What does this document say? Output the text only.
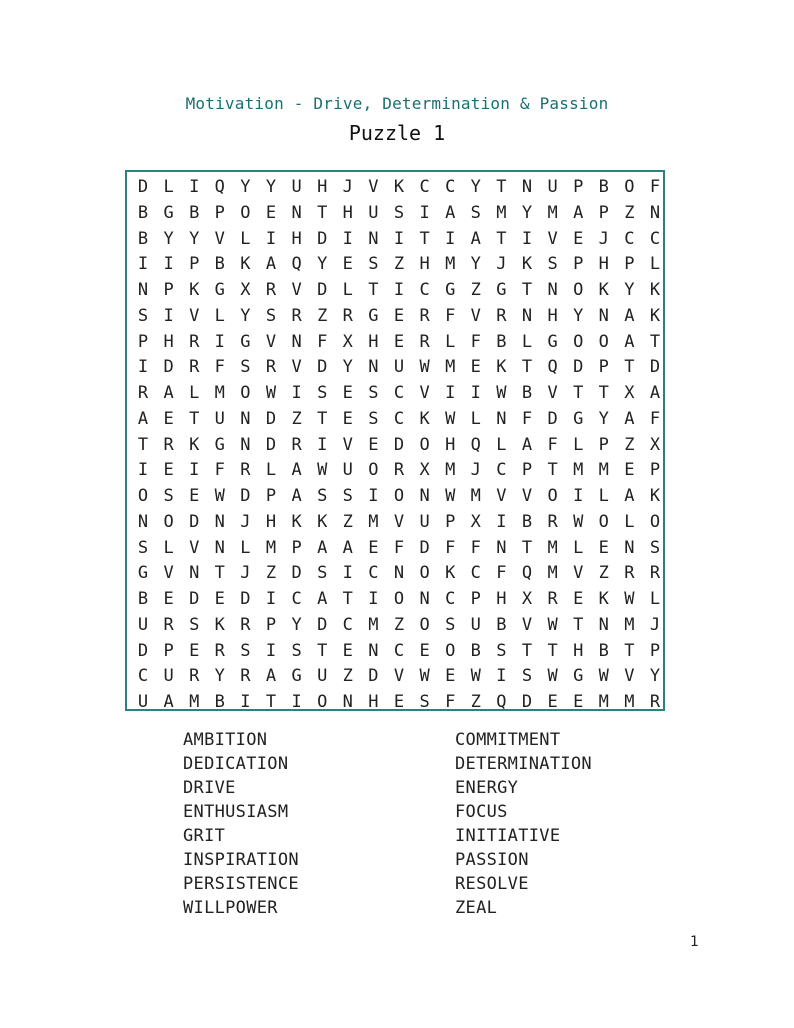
Motivation - Drive, Determination & Passion
Puzzle 1
D L I Q Y Y U H J V K C C Y T N U P B O F
B G B P O E N T H U S I A S M Y M A P Z N
B Y Y V L I H D I N I T I A T I V E J C C
I I P B K A Q Y E S Z H M Y J K S P H P L
N P K G X R V D L T I C G Z G T N O K Y K
S I V L Y S R Z R G E R F V R N H Y N A K
P H R I G V N F X H E R L F B L G O O A T
I D R F S R V D Y N U W M E K T Q D P T D
R A L M O W I S E S C V I I W B V T T X A
A E T U N D Z T E S C K W L N F D G Y A F
T R K G N D R I V E D O H Q L A F L P Z X
I E I F R L A W U O R X M J C P T M M E P
O S E W D P A S S I O N W M V V O I L A K
N O D N J H K K Z M V U P X I B R W O L O
S L V N L M P A A E F D F F N T M L E N S
G V N T J Z D S I C N O K C F Q M V Z R R
B E D E D I C A T I O N C P H X R E K W L
U R S K R P Y D C M Z O S U B V W T N M J
D P E R S I S T E N C E O B S T T H B T P
C U R Y R A G U Z D V W E W I S W G W V Y
U A M B I T I O N H E S F Z Q D E E M M R
AMBITION
DEDICATION
DRIVE
ENTHUSIASM
GRIT
INSPIRATION
PERSISTENCE
WILLPOWER
COMMITMENT
DETERMINATION
ENERGY
FOCUS
INITIATIVE
PASSION
RESOLVE
ZEAL
1
